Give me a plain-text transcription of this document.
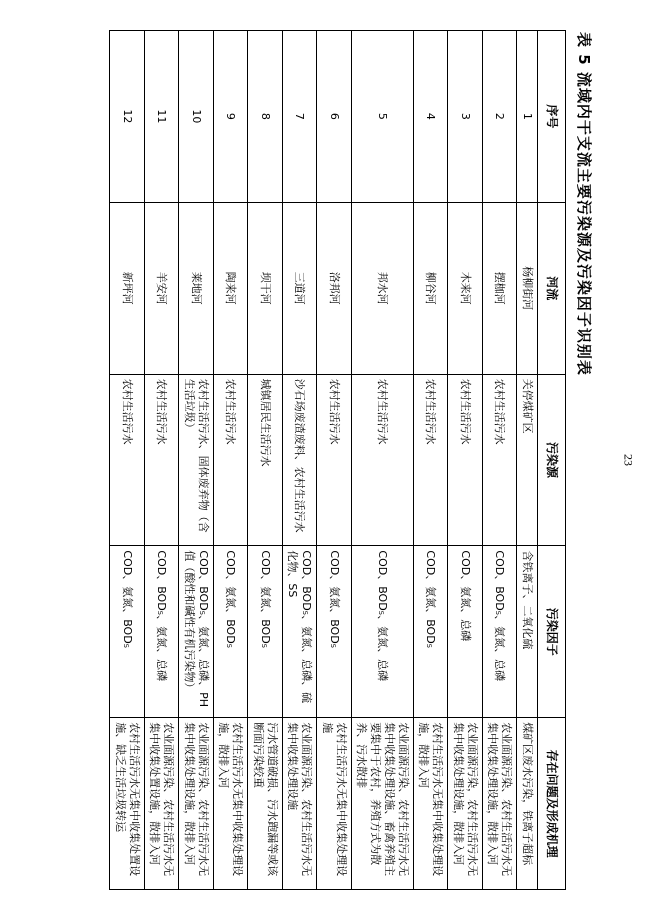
表 5 流域内干支流主要污染源及污染因子识别表
序号	河流	污染源	污染因子	存在问题及形成机理
1	杨柳街河	关停煤矿区	含铁离子、二氧化硫	煤矿区废水污染，铁离子超标
2	摆枷河	农村生活污水	COD、BOD₅、氨氮、总磷	农业面源污染、农村生活污水无集中收集处理设施，散排入河
3	木来河	农村生活污水	COD、氨氮、总磷	农业面源污染，农村生活污水无集中收集处理设施，散排入河
4	柳谷河	农村生活污水	COD、氨氮、BOD₅	农村生活污水无集中收集处理设施，散排入河
5	邦水河	农村生活污水	COD、BOD₅、氨氮、总磷	农业面源污染、农村生活污水无集中收集处理设施、畜禽养殖主要集中于农村，养殖方式为散养、污水散排
6	洛邦河	农村生活污水	COD、氨氮、BOD₅	农村生活污水无集中收集处理设施
7	三道河	沙石场废渣废料、农村生活污水	COD、BOD₅、氨氮、总磷、硫化物、SS	农业面源污染、农村生活污水无集中收集处理设施
8	坝干河	城镇居民生活污水	COD、氨氮、BOD₅	污水管道破损、污水跑漏等或该断面污染较重
9	陶来河	农村生活污水	COD、氨氮、BOD₅	农村生活污水无集中收集处理设施，散排入河
10	莱地河	农村生活污水、固体废弃物（含生活垃圾）	COD、BOD₅、氨氮、总磷、PH 值（酸性和碱性有机污染物）	农业面源污染、农村生活污水无集中收集处理设施，散排入河
11	羊安河	农村生活污水	COD、BOD₅、氨氮、总磷	农业面源污染、农村生活污水无集中收集处置设施，散排入河
12	新坪河	农村生活污水	COD、氨氮、BOD₅	农村生活污水无集中收集处置设施、缺乏生活垃圾转运
23
